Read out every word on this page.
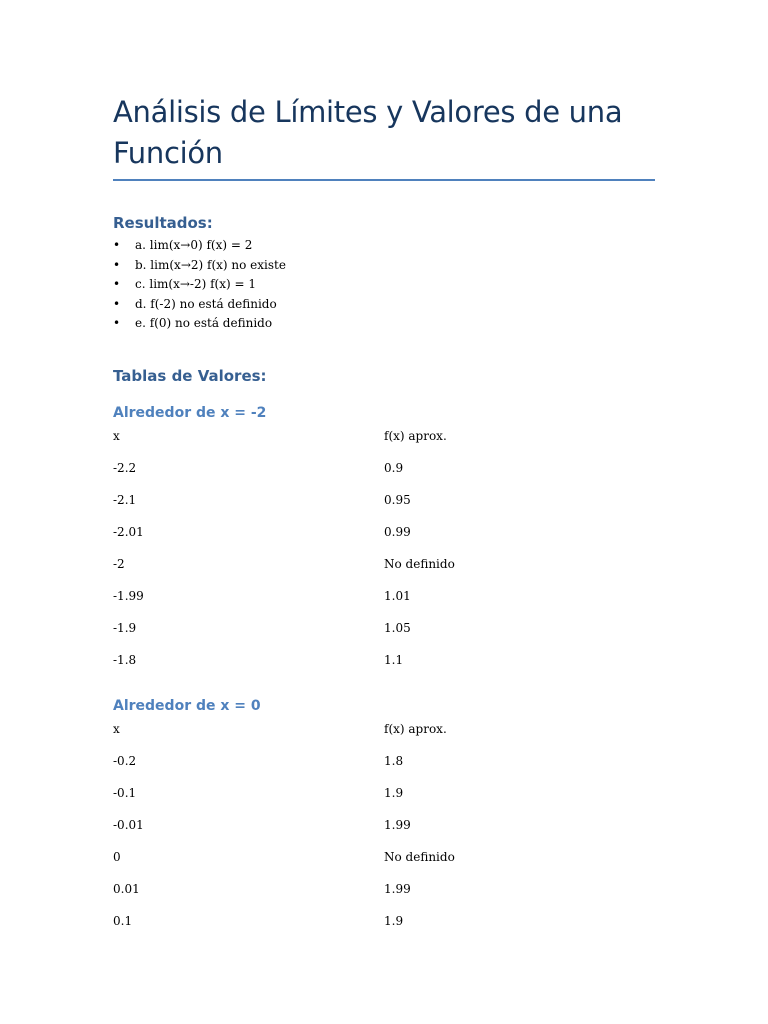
Análisis de Límites y Valores de una Función
Resultados:
• a. lim(x→0) f(x) = 2
• b. lim(x→2) f(x) no existe
• c. lim(x→-2) f(x) = 1
• d. f(-2) no está definido
• e. f(0) no está definido
Tablas de Valores:
Alrededor de x = -2
x	f(x) aprox.
-2.2	0.9
-2.1	0.95
-2.01	0.99
-2	No definido
-1.99	1.01
-1.9	1.05
-1.8	1.1
Alrededor de x = 0
x	f(x) aprox.
-0.2	1.8
-0.1	1.9
-0.01	1.99
0	No definido
0.01	1.99
0.1	1.9
